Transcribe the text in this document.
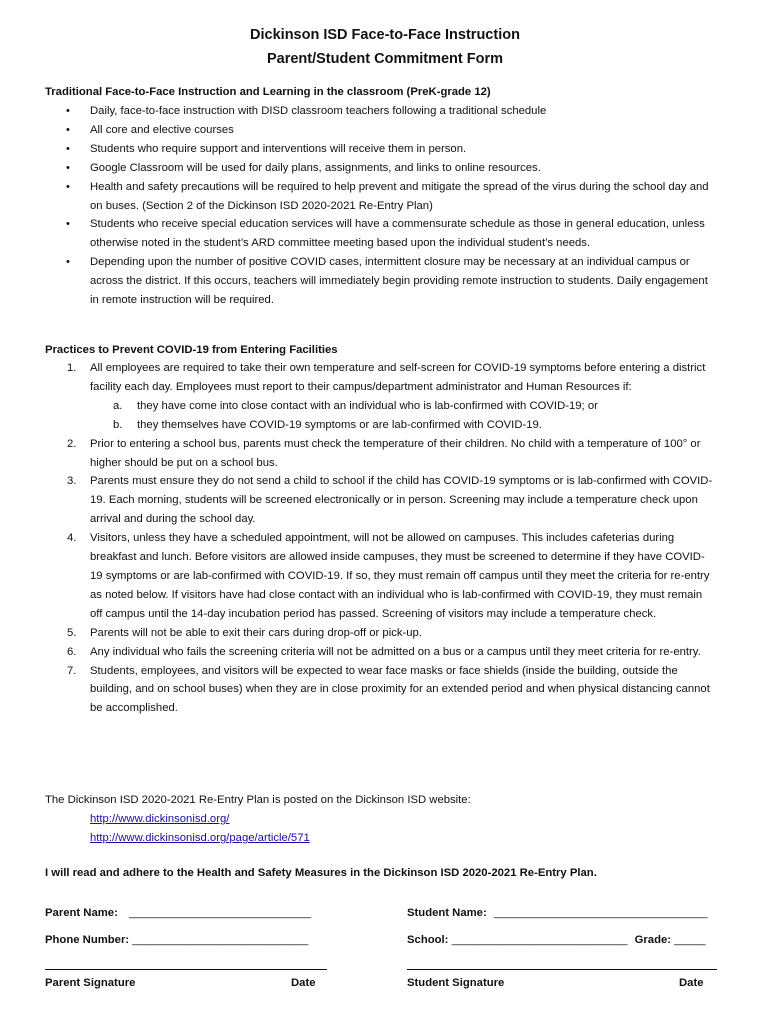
Dickinson ISD Face-to-Face Instruction
Parent/Student Commitment Form
Traditional Face-to-Face Instruction and Learning in the classroom (PreK-grade 12)
• Daily, face-to-face instruction with DISD classroom teachers following a traditional schedule
• All core and elective courses
• Students who require support and interventions will receive them in person.
• Google Classroom will be used for daily plans, assignments, and links to online resources.
• Health and safety precautions will be required to help prevent and mitigate the spread of the virus during the school day and on buses. (Section 2 of the Dickinson ISD 2020-2021 Re-Entry Plan)
• Students who receive special education services will have a commensurate schedule as those in general education, unless otherwise noted in the student’s ARD committee meeting based upon the individual student’s needs.
• Depending upon the number of positive COVID cases, intermittent closure may be necessary at an individual campus or across the district. If this occurs, teachers will immediately begin providing remote instruction to students. Daily engagement in remote instruction will be required.
Practices to Prevent COVID-19 from Entering Facilities
1. All employees are required to take their own temperature and self-screen for COVID-19 symptoms before entering a district facility each day. Employees must report to their campus/department administrator and Human Resources if:
a. they have come into close contact with an individual who is lab-confirmed with COVID-19; or
b. they themselves have COVID-19 symptoms or are lab-confirmed with COVID-19.
2. Prior to entering a school bus, parents must check the temperature of their children. No child with a temperature of 100° or higher should be put on a school bus.
3. Parents must ensure they do not send a child to school if the child has COVID-19 symptoms or is lab-confirmed with COVID-19. Each morning, students will be screened electronically or in person. Screening may include a temperature check upon arrival and during the school day.
4. Visitors, unless they have a scheduled appointment, will not be allowed on campuses. This includes cafeterias during breakfast and lunch. Before visitors are allowed inside campuses, they must be screened to determine if they have COVID-19 symptoms or are lab-confirmed with COVID-19. If so, they must remain off campus until they meet the criteria for re-entry as noted below. If visitors have had close contact with an individual who is lab-confirmed with COVID-19, they must remain off campus until the 14-day incubation period has passed. Screening of visitors may include a temperature check.
5. Parents will not be able to exit their cars during drop-off or pick-up.
6. Any individual who fails the screening criteria will not be admitted on a bus or a campus until they meet criteria for re-entry.
7. Students, employees, and visitors will be expected to wear face masks or face shields (inside the building, outside the building, and on school buses) when they are in close proximity for an extended period and when physical distancing cannot be accomplished.
The Dickinson ISD 2020-2021 Re-Entry Plan is posted on the Dickinson ISD website:
http://www.dickinsonisd.org/
http://www.dickinsonisd.org/page/article/571
I will read and adhere to the Health and Safety Measures in the Dickinson ISD 2020-2021 Re-Entry Plan.
Parent Name: _____________________________	Student Name: __________________________________
Phone Number: ____________________________	School: ____________________________ Grade: _____
Parent Signature	Date	Student Signature	Date
